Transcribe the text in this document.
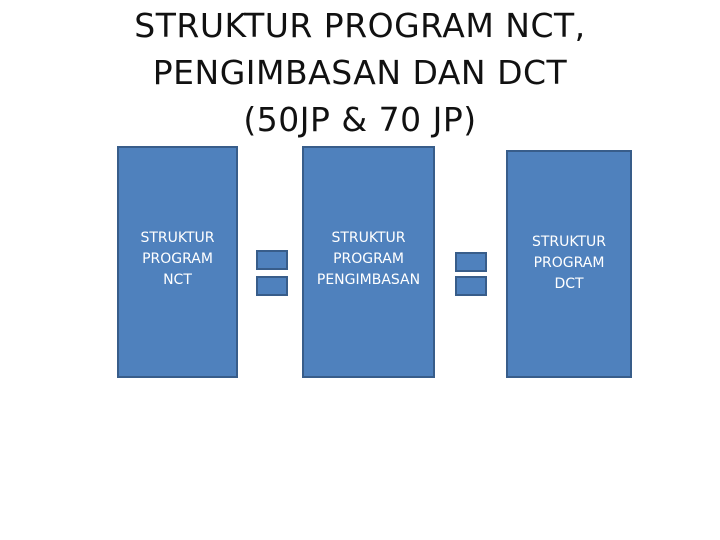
STRUKTUR PROGRAM NCT,
PENGIMBASAN DAN DCT
(50JP & 70 JP)
STRUKTUR
PROGRAM
NCT
STRUKTUR
PROGRAM
PENGIMBASAN
STRUKTUR
PROGRAM
DCT
